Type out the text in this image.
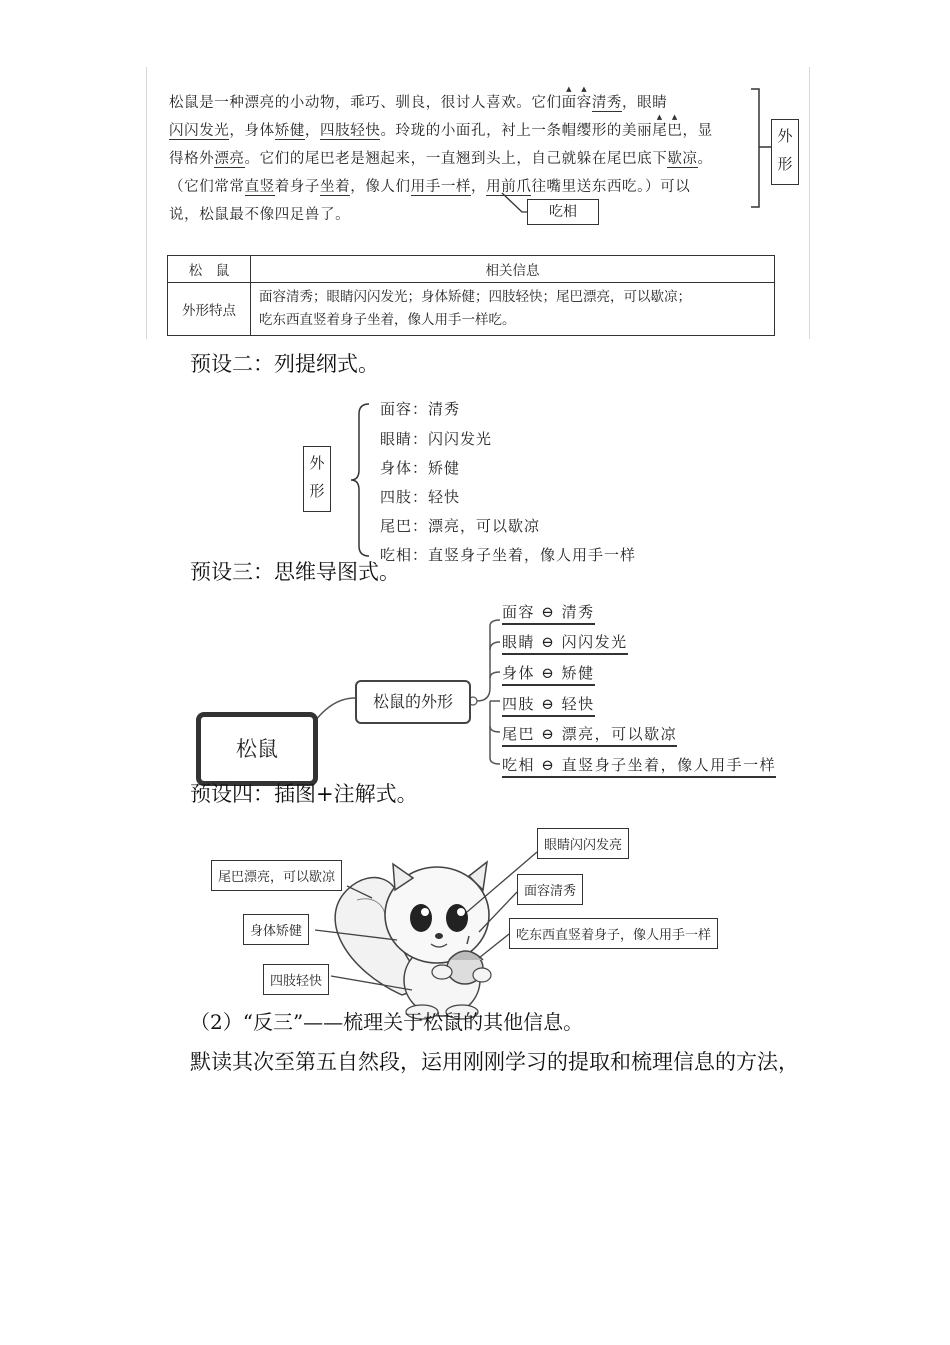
松鼠是一种漂亮的小动物，乖巧、驯良，很讨人喜欢。它们面 ▲容 ▲清秀，眼睛
闪闪发光，身体矫健，四肢轻快。玲珑的小面孔，衬上一条帽缨形的美丽尾 ▲巴 ▲，显
得格外漂亮。它们的尾巴老是翘起来，一直翘到头上，自己就躲在尾巴底下歇凉。
（它们常常直竖着身子坐着，像人们用手一样，用前爪往嘴里送东西吃。）可以
说，松鼠最不像四足兽了。
外形
吃相
松　鼠	相关信息
外形特点	面容清秀；眼睛闪闪发光；身体矫健；四肢轻快；尾巴漂亮，可以歇凉；
吃东西直竖着身子坐着，像人用手一样吃。
预设二：列提纲式。
外形
面容：清秀
眼睛：闪闪发光
身体：矫健
四肢：轻快
尾巴：漂亮，可以歇凉
吃相：直竖身子坐着，像人用手一样
预设三：思维导图式。
松鼠
松鼠的外形
面容 ⊖ 清秀
眼睛 ⊖ 闪闪发光
身体 ⊖ 矫健
四肢 ⊖ 轻快
尾巴 ⊖ 漂亮，可以歇凉
吃相 ⊖ 直竖身子坐着，像人用手一样
预设四：插图+注解式。
眼睛闪闪发亮
面容清秀
吃东西直竖着身子，像人用手一样
尾巴漂亮，可以歇凉
身体矫健
四肢轻快
（2）“反三”——梳理关于松鼠的其他信息。
默读其次至第五自然段，运用刚刚学习的提取和梳理信息的方法，
